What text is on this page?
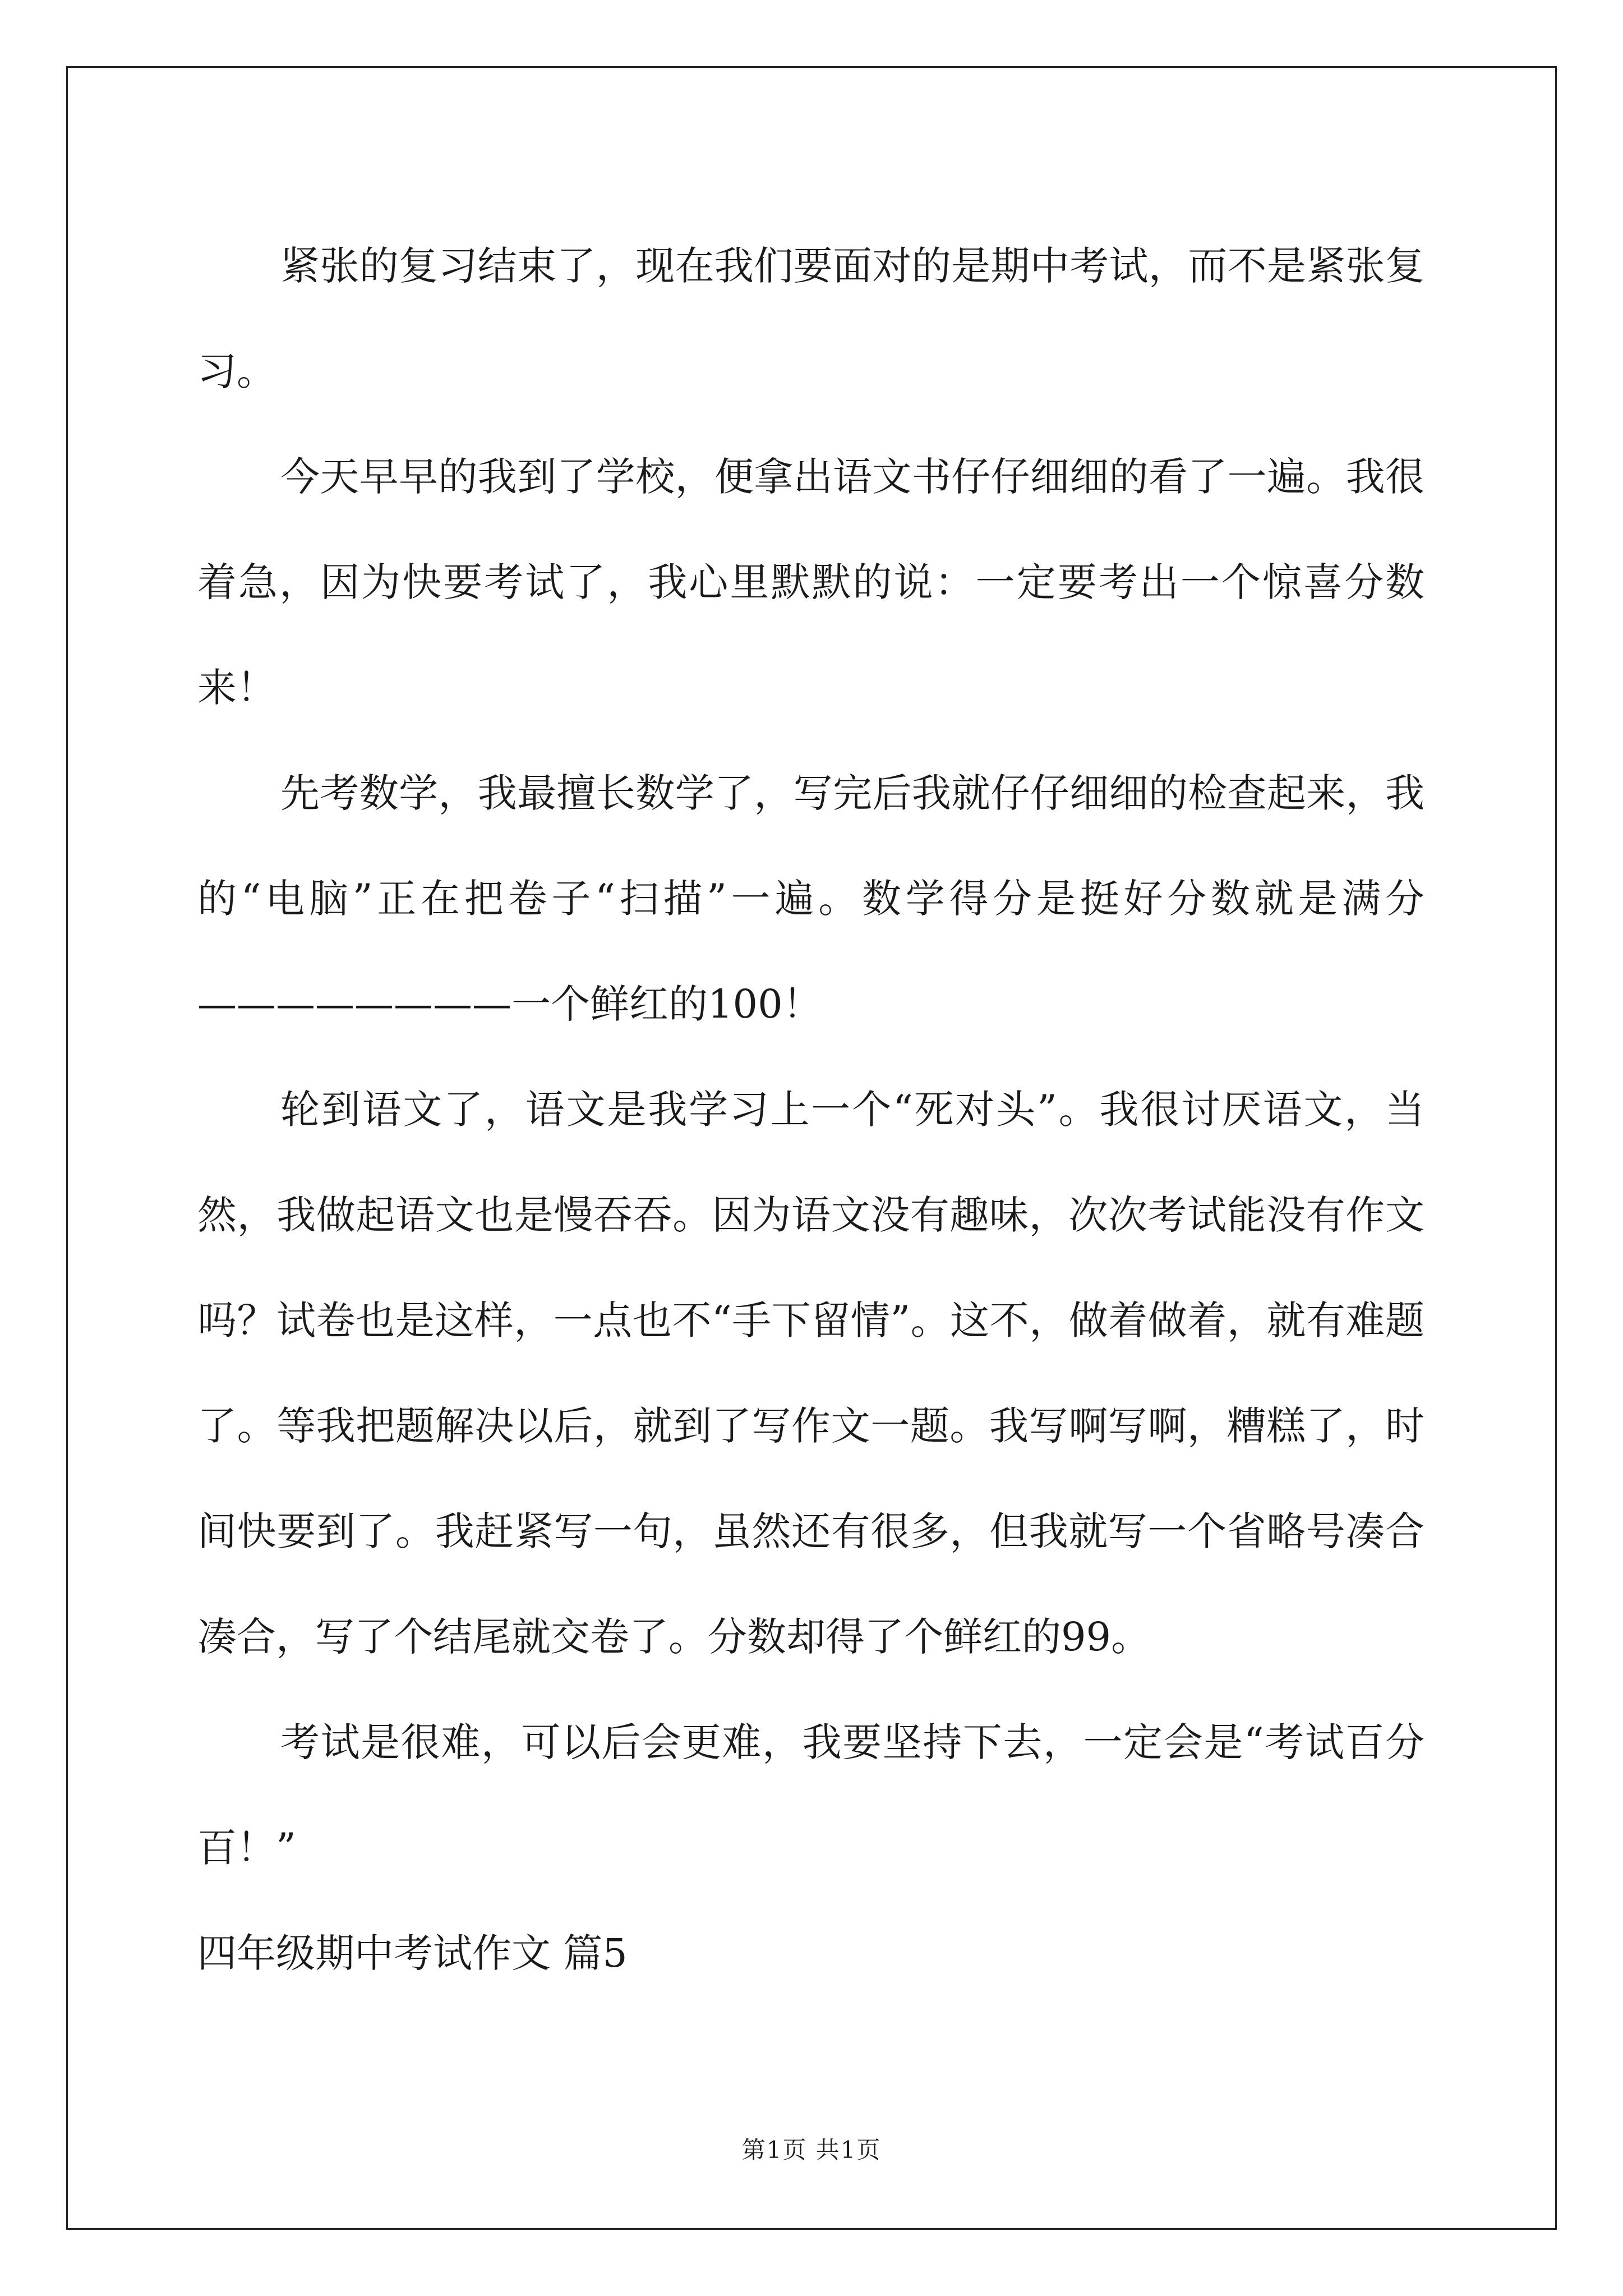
紧张的复习结束了，现在我们要面对的是期中考试，而不是紧张复习。

今天早早的我到了学校，便拿出语文书仔仔细细的看了一遍。我很着急，因为快要考试了，我心里默默的说：一定要考出一个惊喜分数来！

先考数学，我最擅长数学了，写完后我就仔仔细细的检查起来，我的“电脑”正在把卷子“扫描”一遍。数学得分是挺好分数就是满分————————一个鲜红的100！

轮到语文了，语文是我学习上一个“死对头”。我很讨厌语文，当然，我做起语文也是慢吞吞。因为语文没有趣味，次次考试能没有作文吗？试卷也是这样，一点也不“手下留情”。这不，做着做着，就有难题了。等我把题解决以后，就到了写作文一题。我写啊写啊，糟糕了，时间快要到了。我赶紧写一句，虽然还有很多，但我就写一个省略号凑合凑合，写了个结尾就交卷了。分数却得了个鲜红的99。

考试是很难，可以后会更难，我要坚持下去，一定会是“考试百分百！”

四年级期中考试作文 篇5

第1页 共1页
